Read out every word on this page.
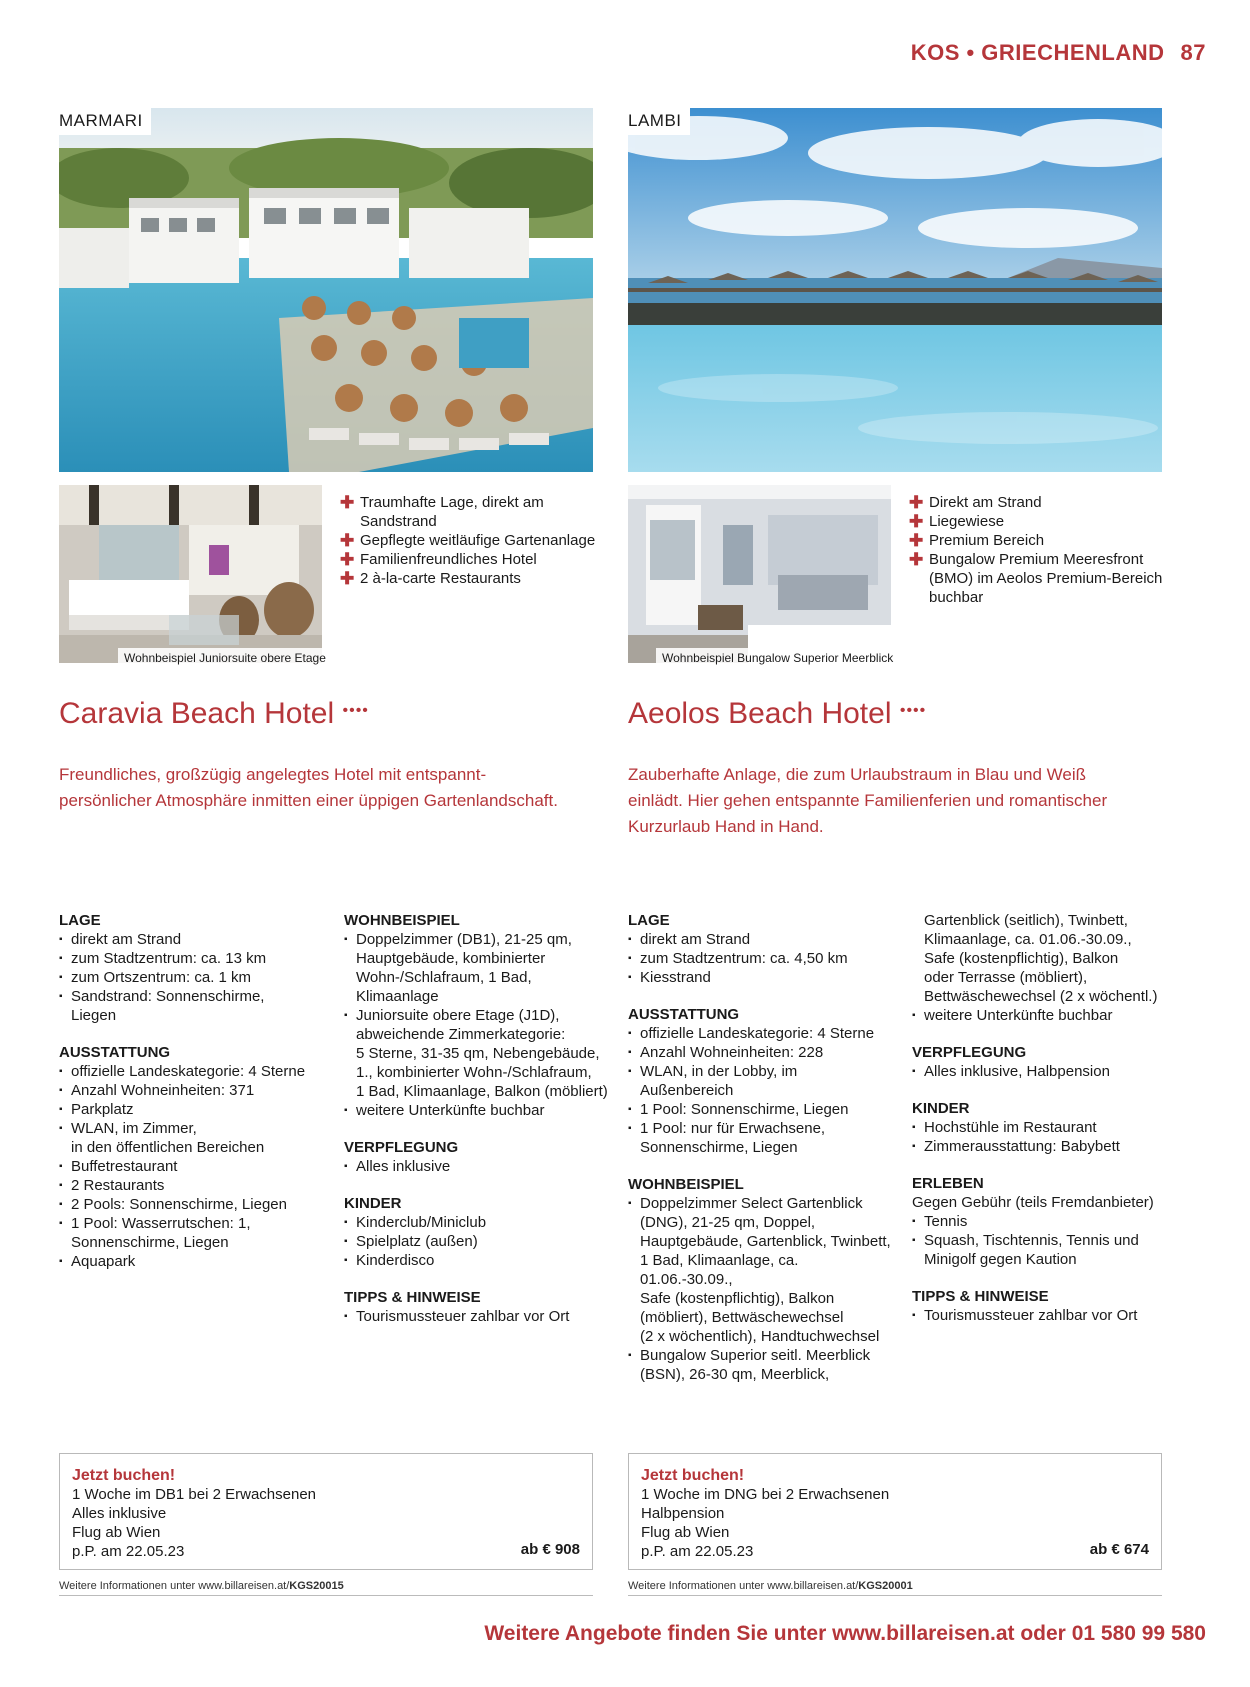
KOS • GRIECHENLAND 87
MARMARI	LAMBI
Wohnbeispiel Juniorsuite obere Etage	Wohnbeispiel Bungalow Superior Meerblick
✚ Traumhafte Lage, direkt am
Sandstrand
✚ Gepflegte weitläufige Gartenanlage
✚ Familienfreundliches Hotel
✚ 2 à-la-carte Restaurants
✚ Direkt am Strand
✚ Liegewiese
✚ Premium Bereich
✚ Bungalow Premium Meeresfront
(BMO) im Aeolos Premium-Bereich
buchbar
Caravia Beach Hotel ••••	Aeolos Beach Hotel ••••
Freundliches, großzügig angelegtes Hotel mit entspannt-
persönlicher Atmosphäre inmitten einer üppigen Gartenlandschaft.
Zauberhafte Anlage, die zum Urlaubstraum in Blau und Weiß
einlädt. Hier gehen entspannte Familienferien und romantischer
Kurzurlaub Hand in Hand.
LAGE
▪ direkt am Strand
▪ zum Stadtzentrum: ca. 13 km
▪ zum Ortszentrum: ca. 1 km
▪ Sandstrand: Sonnenschirme,
Liegen
AUSSTATTUNG
▪ offizielle Landeskategorie: 4 Sterne
▪ Anzahl Wohneinheiten: 371
▪ Parkplatz
▪ WLAN, im Zimmer,
in den öffentlichen Bereichen
▪ Buffetrestaurant
▪ 2 Restaurants
▪ 2 Pools: Sonnenschirme, Liegen
▪ 1 Pool: Wasserrutschen: 1,
Sonnenschirme, Liegen
▪ Aquapark
WOHNBEISPIEL
▪ Doppelzimmer (DB1), 21-25 qm,
Hauptgebäude, kombinierter
Wohn-/Schlafraum, 1 Bad,
Klimaanlage
▪ Juniorsuite obere Etage (J1D),
abweichende Zimmerkategorie:
5 Sterne, 31-35 qm, Nebengebäude,
1., kombinierter Wohn-/Schlafraum,
1 Bad, Klimaanlage, Balkon (möbliert)
▪ weitere Unterkünfte buchbar
VERPFLEGUNG
▪ Alles inklusive
KINDER
▪ Kinderclub/Miniclub
▪ Spielplatz (außen)
▪ Kinderdisco
TIPPS & HINWEISE
▪ Tourismussteuer zahlbar vor Ort
LAGE
▪ direkt am Strand
▪ zum Stadtzentrum: ca. 4,50 km
▪ Kiesstrand
AUSSTATTUNG
▪ offizielle Landeskategorie: 4 Sterne
▪ Anzahl Wohneinheiten: 228
▪ WLAN, in der Lobby, im Außenbereich
▪ 1 Pool: Sonnenschirme, Liegen
▪ 1 Pool: nur für Erwachsene,
Sonnenschirme, Liegen
WOHNBEISPIEL
▪ Doppelzimmer Select Gartenblick
(DNG), 21-25 qm, Doppel,
Hauptgebäude, Gartenblick, Twinbett,
1 Bad, Klimaanlage, ca. 01.06.-30.09.,
Safe (kostenpflichtig), Balkon
(möbliert), Bettwäschewechsel
(2 x wöchentlich), Handtuchwechsel
▪ Bungalow Superior seitl. Meerblick
(BSN), 26-30 qm, Meerblick,
Gartenblick (seitlich), Twinbett,
Klimaanlage, ca. 01.06.-30.09.,
Safe (kostenpflichtig), Balkon
oder Terrasse (möbliert),
Bettwäschewechsel (2 x wöchentl.)
▪ weitere Unterkünfte buchbar
VERPFLEGUNG
▪ Alles inklusive, Halbpension
KINDER
▪ Hochstühle im Restaurant
▪ Zimmerausstattung: Babybett
ERLEBEN
Gegen Gebühr (teils Fremdanbieter)
▪ Tennis
▪ Squash, Tischtennis, Tennis und
Minigolf gegen Kaution
TIPPS & HINWEISE
▪ Tourismussteuer zahlbar vor Ort
Jetzt buchen!
1 Woche im DB1 bei 2 Erwachsenen
Alles inklusive
Flug ab Wien
p.P. am 22.05.23	ab € 908
Weitere Informationen unter www.billareisen.at/KGS20015
Jetzt buchen!
1 Woche im DNG bei 2 Erwachsenen
Halbpension
Flug ab Wien
p.P. am 22.05.23	ab € 674
Weitere Informationen unter www.billareisen.at/KGS20001
Weitere Angebote finden Sie unter www.billareisen.at oder 01 580 99 580
